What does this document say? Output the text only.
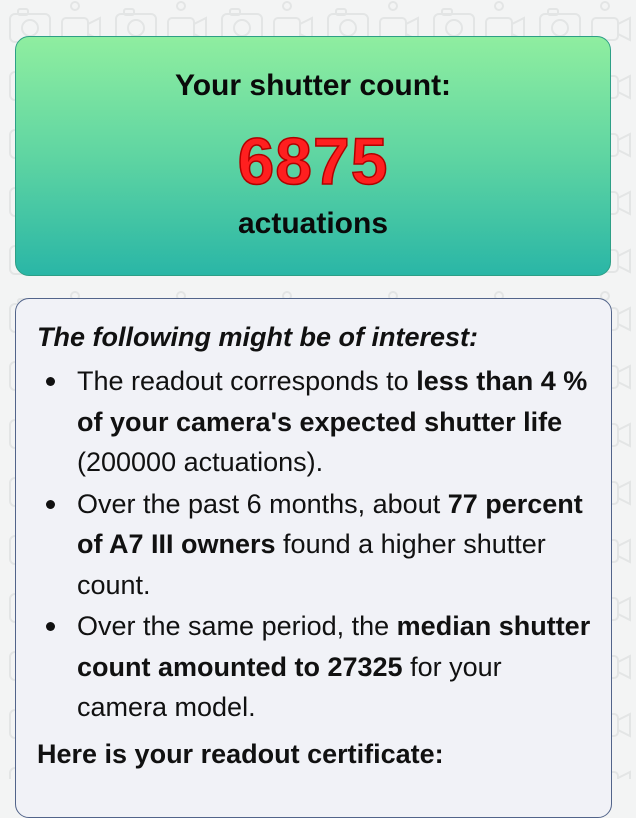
Your shutter count:
6875
actuations
The following might be of interest:
The readout corresponds to less than 4 % of your camera's expected shutter life (200000 actuations).
Over the past 6 months, about 77 percent of A7 III owners found a higher shutter count.
Over the same period, the median shutter count amounted to 27325 for your camera model.
Here is your readout certificate:
